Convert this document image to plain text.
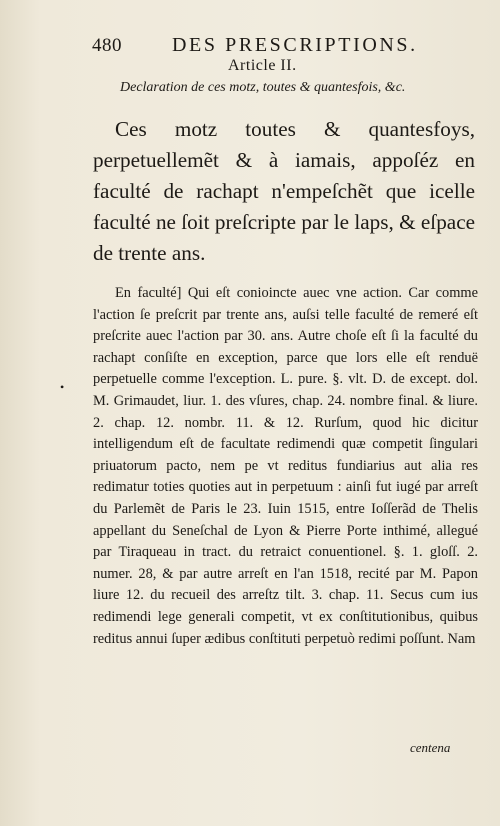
480	DES PRESCRIPTIONS.
Article II.
Declaration de ces motz, toutes & quantesfois, &c.

Ces motz toutes & quantesfoys, perpetuellemẽt & à iamais, appoſéz en faculté de rachapt n'empeſchẽt que icelle faculté ne ſoit preſcripte par le laps, & eſpace de trente ans.

•

En faculté] Qui eſt conioincte auec vne action. Car comme l'action ſe preſcrit par trente ans, auſsi telle faculté de remeré eſt preſcrite auec l'action par 30. ans. Autre choſe eſt ſi la faculté du rachapt conſiſte en exception, parce que lors elle eſt renduë perpetuelle comme l'exception. L. pure. §. vlt. D. de except. dol. M. Grimaudet, liur. 1. des vſures, chap. 24. nombre final. & liure. 2. chap. 12. nombr. 11. & 12. Rurſum, quod hic dicitur intelligendum eſt de facultate redimendi quæ competit ſingulari priuatorum pacto, nem pe vt reditus fundiarius aut alia res redimatur toties quoties aut in perpetuum : ainſi fut iugé par arreſt du Parlemẽt de Paris le 23. Iuin 1515, entre Ioſſerãd de Thelis appellant du Seneſchal de Lyon & Pierre Porte inthimé, allegué par Tiraqueau in tract. du retraict conuentionel. §. 1. gloſſ. 2. numer. 28, & par autre arreſt en l'an 1518, recité par M. Papon liure 12. du recueil des arreſtz tilt. 3. chap. 11. Secus cum ius redimendi lege generali competit, vt ex conſtitutionibus, quibus reditus annui ſuper ædibus conſtituti perpetuò redimi poſſunt. Nam

centena
